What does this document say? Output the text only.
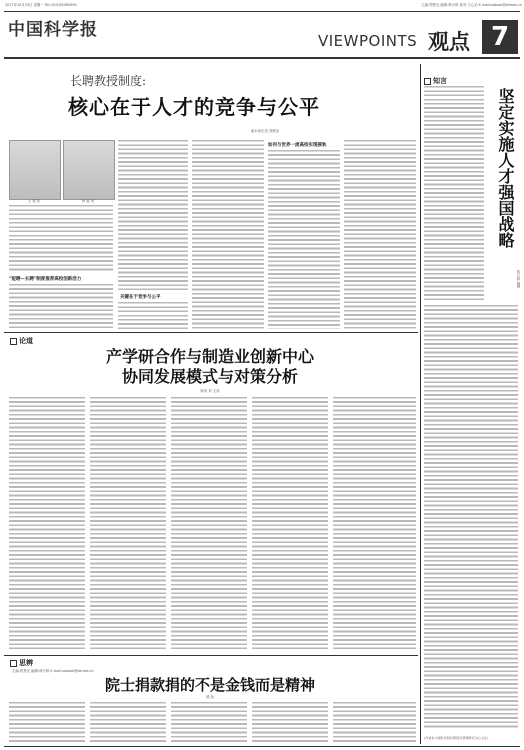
2017年10月23日 星期一 Tel:(010)62580692	主编:郑楚光 编辑:韩天琪 校对:王心怡 E-mail:ssbook@stimes.cn
中国科学报
VIEWPOINTS 观点 7
长聘教授制度:
核心在于人才的竞争与公平
俞本泉记者 刘俊录
王 建 伟	杨 福 家
"短聘—长聘"制度推荐高校创新活力
关键在于竞争与公平
如何与世界一流高校实现接轨
知言
坚定实施人才强国战略
郭日修 林珮
(作者系中国科学院科研院所管理研究中心主任)
论道
产学研合作与制造业创新中心
协同发展模式与对策分析
陈家 刘 文高
思辨
主编:郑楚光 编辑:韩天琪 E-mail:ssbook@stimes.cn
院士捐款捐的不是金钱而是精神
姚 扬
